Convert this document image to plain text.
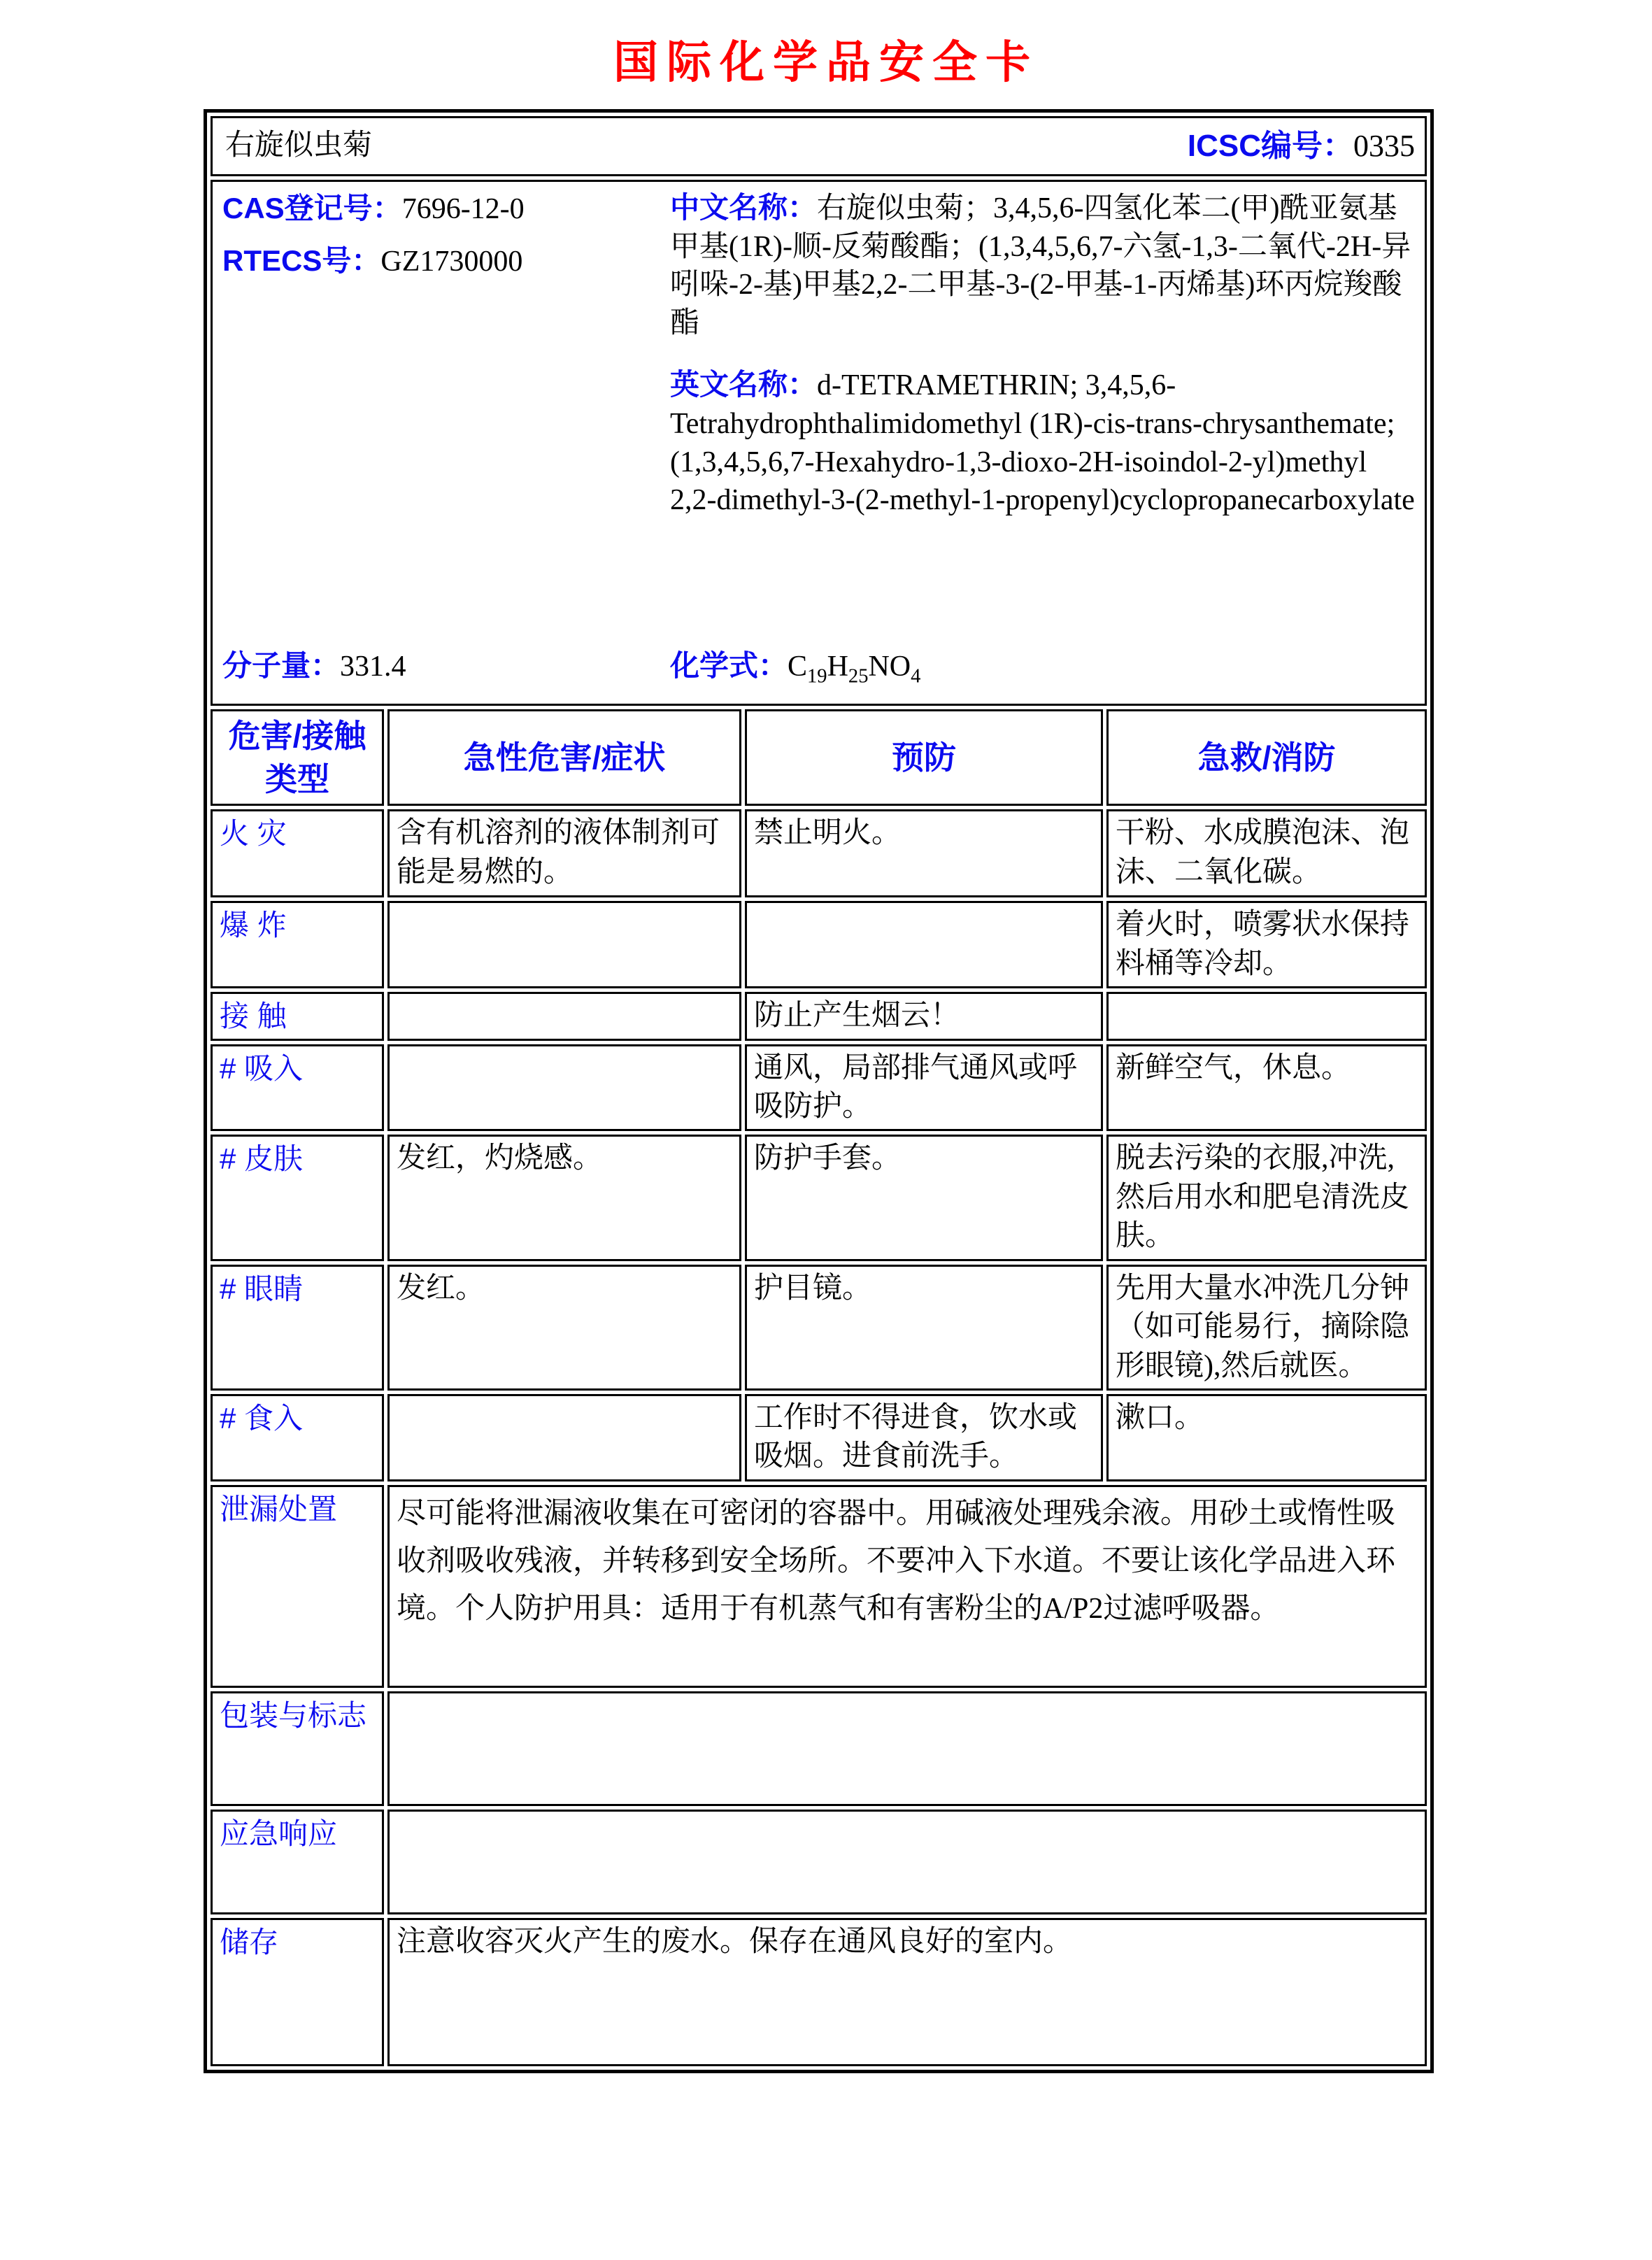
国际化学品安全卡
右旋似虫菊 ICSC编号：0335			

CAS登记号：7696-12-0
RTECS号：GZ1730000

中文名称：右旋似虫菊；3,4,5,6-四氢化苯二(甲)酰亚氨基甲基(1R)-顺-反菊酸酯；(1,3,4,5,6,7-六氢-1,3-二氧代-2H-异吲哚-2-基)甲基2,2-二甲基-3-(2-甲基-1-丙烯基)环丙烷羧酸酯

英文名称：d-TETRAMETHRIN; 3,4,5,6-Tetrahydrophthalimidomethyl (1R)-cis-trans-chrysanthemate; (1,3,4,5,6,7-Hexahydro-1,3-dioxo-2H-isoindol-2-yl)methyl 2,2-dimethyl-3-(2-methyl-1-propenyl)cyclopropanecarboxylate

分子量：331.4	化学式：$C_{19}H_{25}NO_4$

危害/接触类型	急性危害/症状	预防	急救/消防
火 灾	含有机溶剂的液体制剂可能是易燃的。	禁止明火。	干粉、水成膜泡沫、泡沫、二氧化碳。
爆 炸			着火时，喷雾状水保持料桶等冷却。
接 触		防止产生烟云！	
# 吸入		通风，局部排气通风或呼吸防护。	新鲜空气，休息。
# 皮肤	发红，灼烧感。	防护手套。	脱去污染的衣服,冲洗,然后用水和肥皂清洗皮肤。
# 眼睛	发红。	护目镜。	先用大量水冲洗几分钟（如可能易行，摘除隐形眼镜),然后就医。
# 食入		工作时不得进食，饮水或吸烟。进食前洗手。	漱口。
泄漏处置	尽可能将泄漏液收集在可密闭的容器中。用碱液处理残余液。用砂土或惰性吸收剂吸收残液，并转移到安全场所。不要冲入下水道。不要让该化学品进入环境。个人防护用具：适用于有机蒸气和有害粉尘的A/P2过滤呼吸器。		
包装与标志			
应急响应			
储存	注意收容灭火产生的废水。保存在通风良好的室内。		
